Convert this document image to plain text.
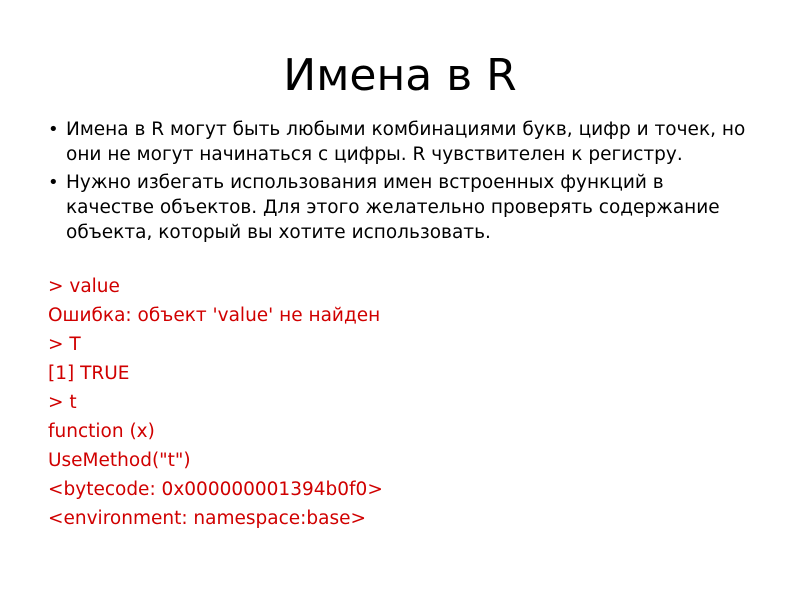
Имена в R
• Имена в R могут быть любыми комбинациями букв, цифр и точек, но они не могут начинаться с цифры. R чувствителен к регистру.
• Нужно избегать использования имен встроенных функций в качестве объектов. Для этого желательно проверять содержание объекта, который вы хотите использовать.
> value
Ошибка: объект 'value' не найден
> T
[1] TRUE
> t
function (x)
UseMethod("t")
<bytecode: 0x000000001394b0f0>
<environment: namespace:base>
